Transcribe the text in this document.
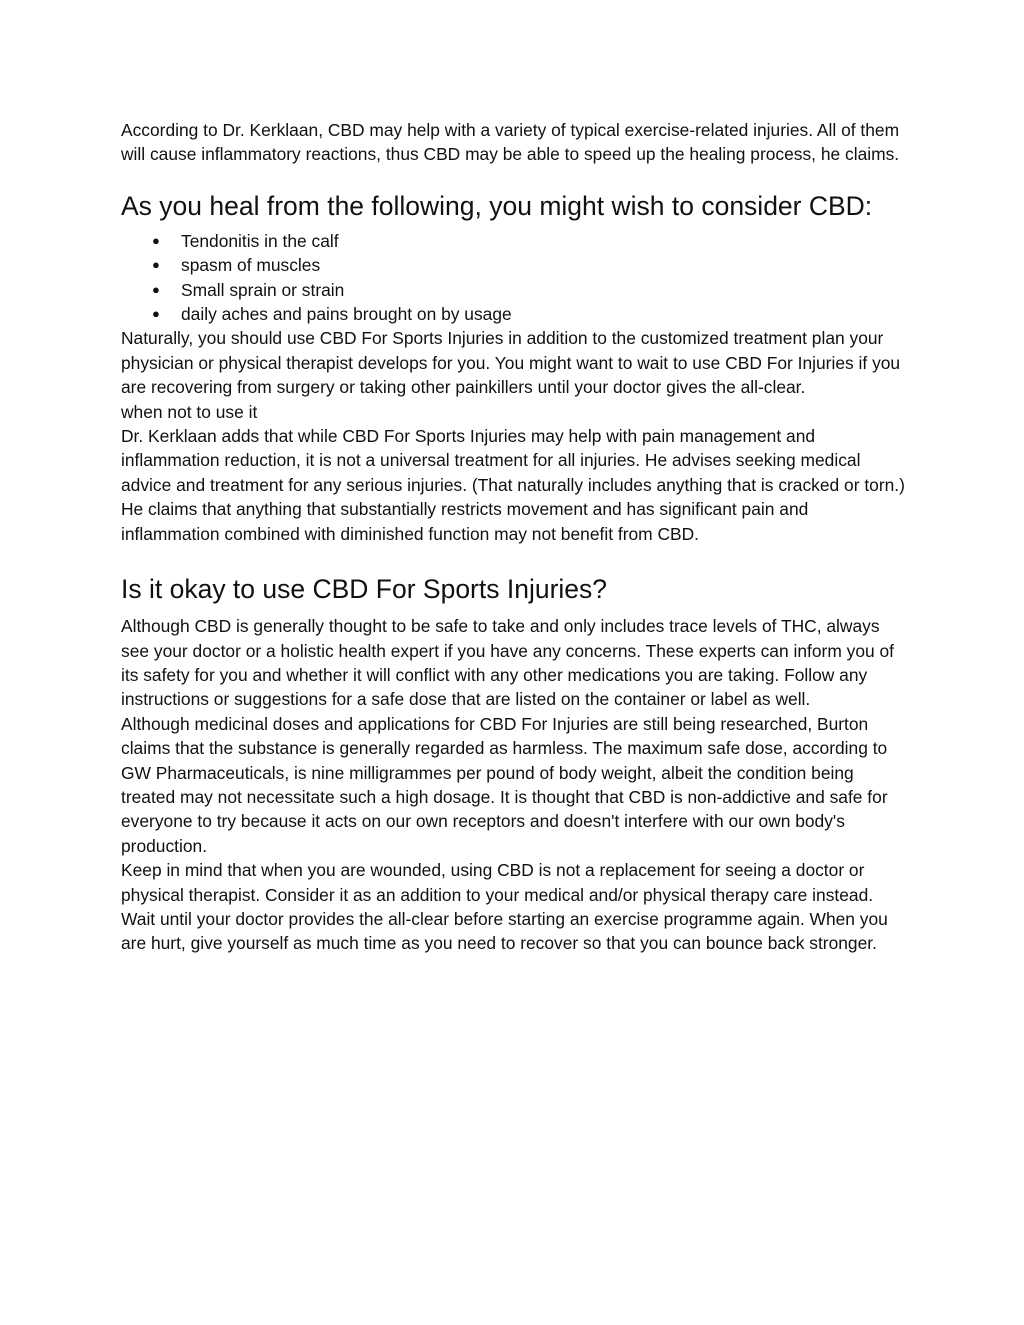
According to Dr. Kerklaan, CBD may help with a variety of typical exercise-related injuries. All of them will cause inflammatory reactions, thus CBD may be able to speed up the healing process, he claims.

As you heal from the following, you might wish to consider CBD:
● Tendonitis in the calf
● spasm of muscles
● Small sprain or strain
● daily aches and pains brought on by usage

Naturally, you should use CBD For Sports Injuries in addition to the customized treatment plan your physician or physical therapist develops for you. You might want to wait to use CBD For Injuries if you are recovering from surgery or taking other painkillers until your doctor gives the all-clear.

when not to use it

Dr. Kerklaan adds that while CBD For Sports Injuries may help with pain management and inflammation reduction, it is not a universal treatment for all injuries. He advises seeking medical advice and treatment for any serious injuries. (That naturally includes anything that is cracked or torn.)

He claims that anything that substantially restricts movement and has significant pain and inflammation combined with diminished function may not benefit from CBD.

Is it okay to use CBD For Sports Injuries?

Although CBD is generally thought to be safe to take and only includes trace levels of THC, always see your doctor or a holistic health expert if you have any concerns. These experts can inform you of its safety for you and whether it will conflict with any other medications you are taking. Follow any instructions or suggestions for a safe dose that are listed on the container or label as well.

Although medicinal doses and applications for CBD For Injuries are still being researched, Burton claims that the substance is generally regarded as harmless. The maximum safe dose, according to GW Pharmaceuticals, is nine milligrammes per pound of body weight, albeit the condition being treated may not necessitate such a high dosage. It is thought that CBD is non-addictive and safe for everyone to try because it acts on our own receptors and doesn't interfere with our own body's production.

Keep in mind that when you are wounded, using CBD is not a replacement for seeing a doctor or physical therapist. Consider it as an addition to your medical and/or physical therapy care instead. Wait until your doctor provides the all-clear before starting an exercise programme again. When you are hurt, give yourself as much time as you need to recover so that you can bounce back stronger.
